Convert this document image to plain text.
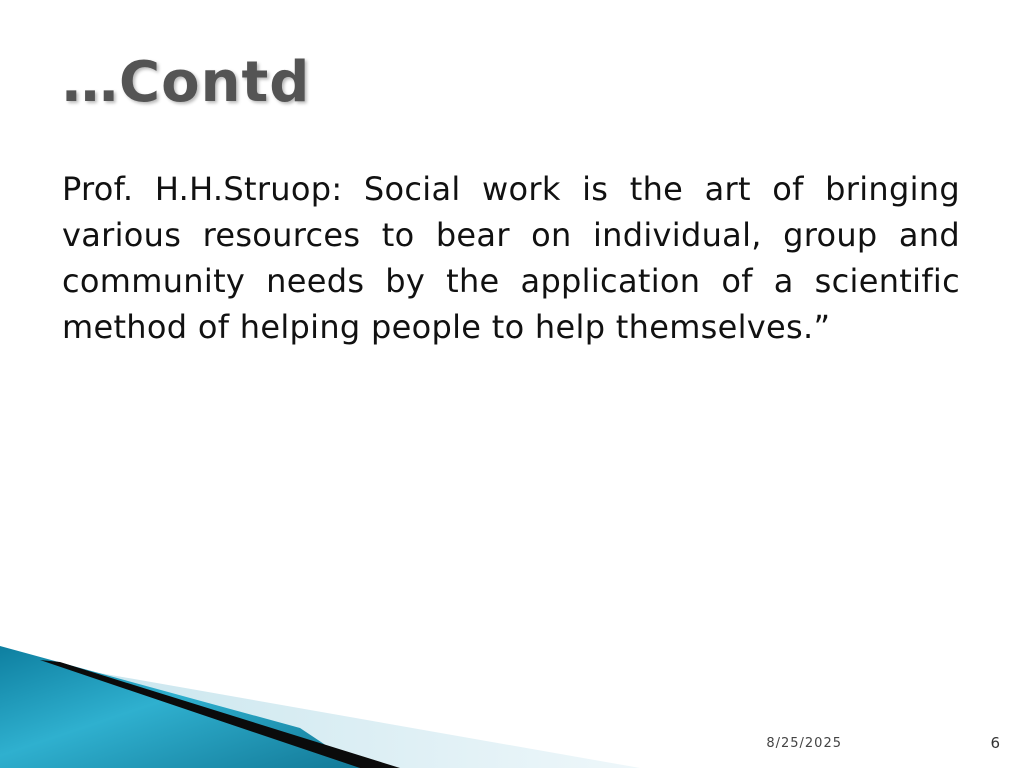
…Contd

Prof. H.H.Struop: Social work is the art of bringing various resources to bear on individual, group and community needs by the application of a scientific method of helping people to help themselves.”

8/25/2025	6
